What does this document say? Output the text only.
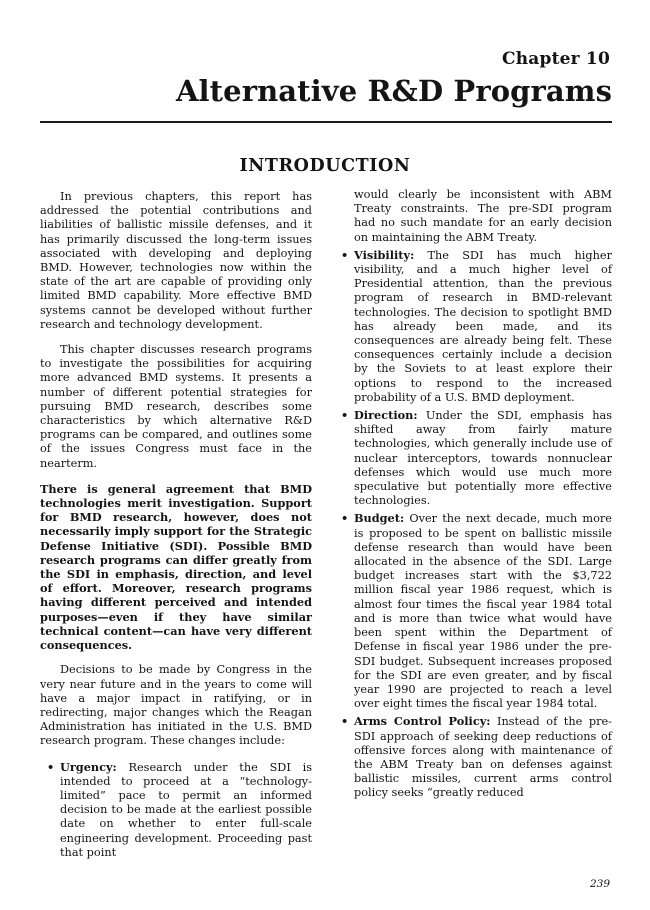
Chapter 10
Alternative R&D Programs
INTRODUCTION

In previous chapters, this report has addressed the potential contributions and liabilities of ballistic missile defenses, and it has primarily discussed the long-term issues associated with developing and deploying BMD. However, technologies now within the state of the art are capable of providing only limited BMD capability. More effective BMD systems cannot be developed without further research and technology development.

This chapter discusses research programs to investigate the possibilities for acquiring more advanced BMD systems. It presents a number of different potential strategies for pursuing BMD research, describes some characteristics by which alternative R&D programs can be compared, and outlines some of the issues Congress must face in the nearterm.

There is general agreement that BMD technologies merit investigation. Support for BMD research, however, does not necessarily imply support for the Strategic Defense Initiative (SDI). Possible BMD research programs can differ greatly from the SDI in emphasis, direction, and level of effort. Moreover, research programs having different perceived and intended purposes—even if they have similar technical content—can have very different consequences.

Decisions to be made by Congress in the very near future and in the years to come will have a major impact in ratifying, or in redirecting, major changes which the Reagan Administration has initiated in the U.S. BMD research program. These changes include:

• Urgency: Research under the SDI is intended to proceed at a “technology-limited” pace to permit an informed decision to be made at the earliest possible date on whether to enter full-scale engineering development. Proceeding past that point

would clearly be inconsistent with ABM Treaty constraints. The pre-SDI program had no such mandate for an early decision on maintaining the ABM Treaty.

• Visibility: The SDI has much higher visibility, and a much higher level of Presidential attention, than the previous program of research in BMD-relevant technologies. The decision to spotlight BMD has already been made, and its consequences are already being felt. These consequences certainly include a decision by the Soviets to at least explore their options to respond to the increased probability of a U.S. BMD deployment.
• Direction: Under the SDI, emphasis has shifted away from fairly mature technologies, which generally include use of nuclear interceptors, towards nonnuclear defenses which would use much more speculative but potentially more effective technologies.
• Budget: Over the next decade, much more is proposed to be spent on ballistic missile defense research than would have been allocated in the absence of the SDI. Large budget increases start with the $3,722 million fiscal year 1986 request, which is almost four times the fiscal year 1984 total and is more than twice what would have been spent within the Department of Defense in fiscal year 1986 under the pre-SDI budget. Subsequent increases proposed for the SDI are even greater, and by fiscal year 1990 are projected to reach a level over eight times the fiscal year 1984 total.
• Arms Control Policy: Instead of the pre-SDI approach of seeking deep reductions of offensive forces along with maintenance of the ABM Treaty ban on defenses against ballistic missiles, current arms control policy seeks “greatly reduced
239
